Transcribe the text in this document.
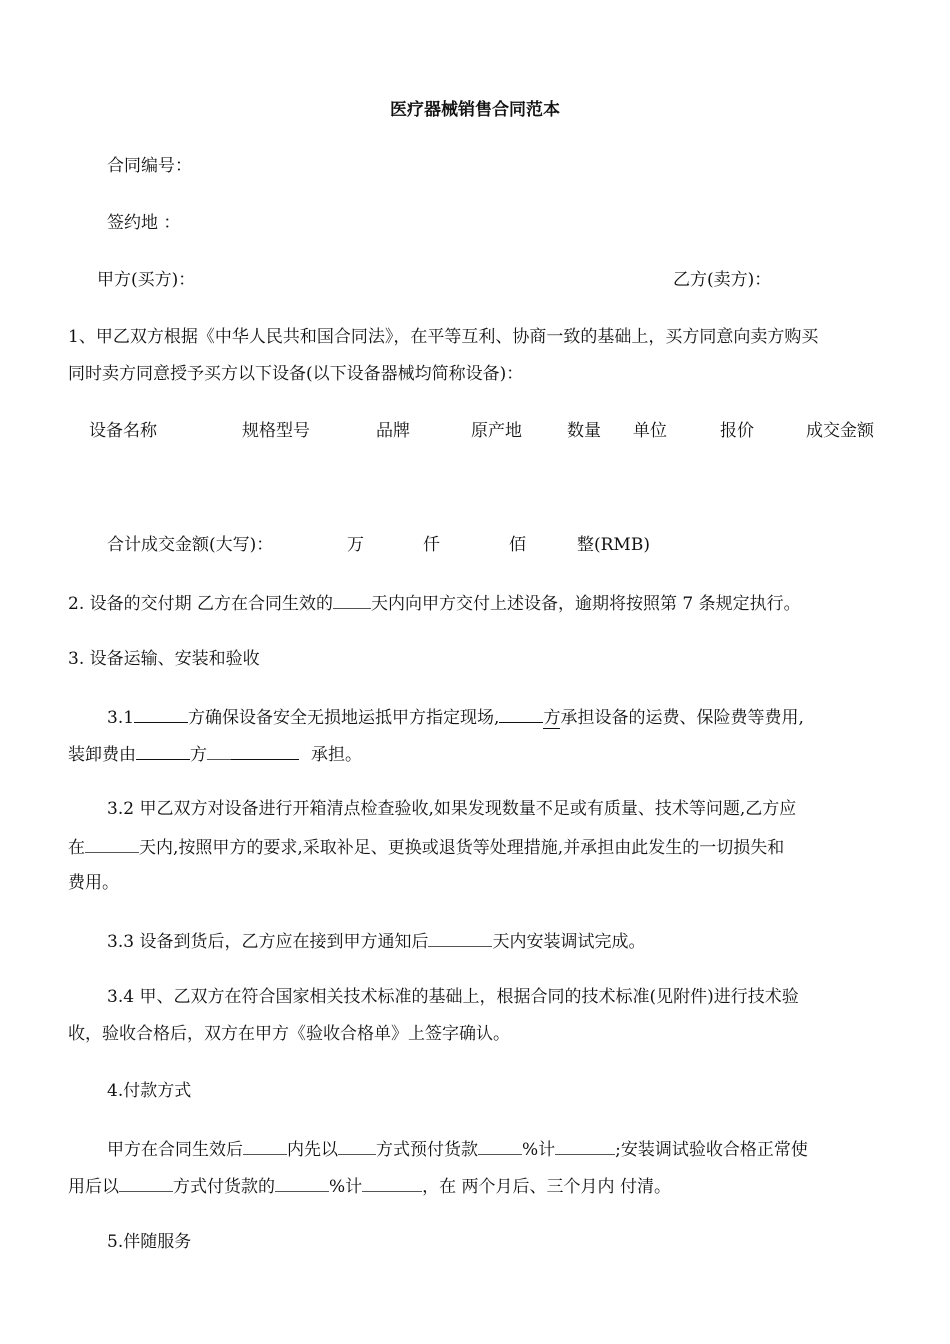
医疗器械销售合同范本
合同编号：
签约地 ：
甲方(买方)：	乙方(卖方)：
1、甲乙双方根据《中华人民共和国合同法》，在平等互利、协商一致的基础上，买方同意向卖方购买
同时卖方同意授予买方以下设备(以下设备器械均简称设备)：
设备名称	规格型号	品牌	原产地	数量 单位	报价	成交金额
合计成交金额(大写)：	万	仟	佰	整(RMB)
2. 设备的交付期 乙方在合同生效的 天内向甲方交付上述设备，逾期将按照第 7 条规定执行。
3. 设备运输、安装和验收
3.1	方确保设备安全无损地运抵甲方指定现场,	方承担设备的运费、保险费等费用,
装卸费由	方	承担。
3.2 甲乙双方对设备进行开箱清点检查验收,如果发现数量不足或有质量、技术等问题,乙方应
在	天内,按照甲方的要求,采取补足、更换或退货等处理措施,并承担由此发生的一切损失和
费用。
3.3 设备到货后，乙方应在接到甲方通知后	天内安装调试完成。
3.4 甲、乙双方在符合国家相关技术标准的基础上，根据合同的技术标准(见附件)进行技术验
收，验收合格后，双方在甲方《验收合格单》上签字确认。
4.付款方式
甲方在合同生效后	内先以 方式预付货款	%计	;安装调试验收合格正常使
用后以	方式付货款的	%计	，在 两个月后、三个月内 付清。
5.伴随服务
